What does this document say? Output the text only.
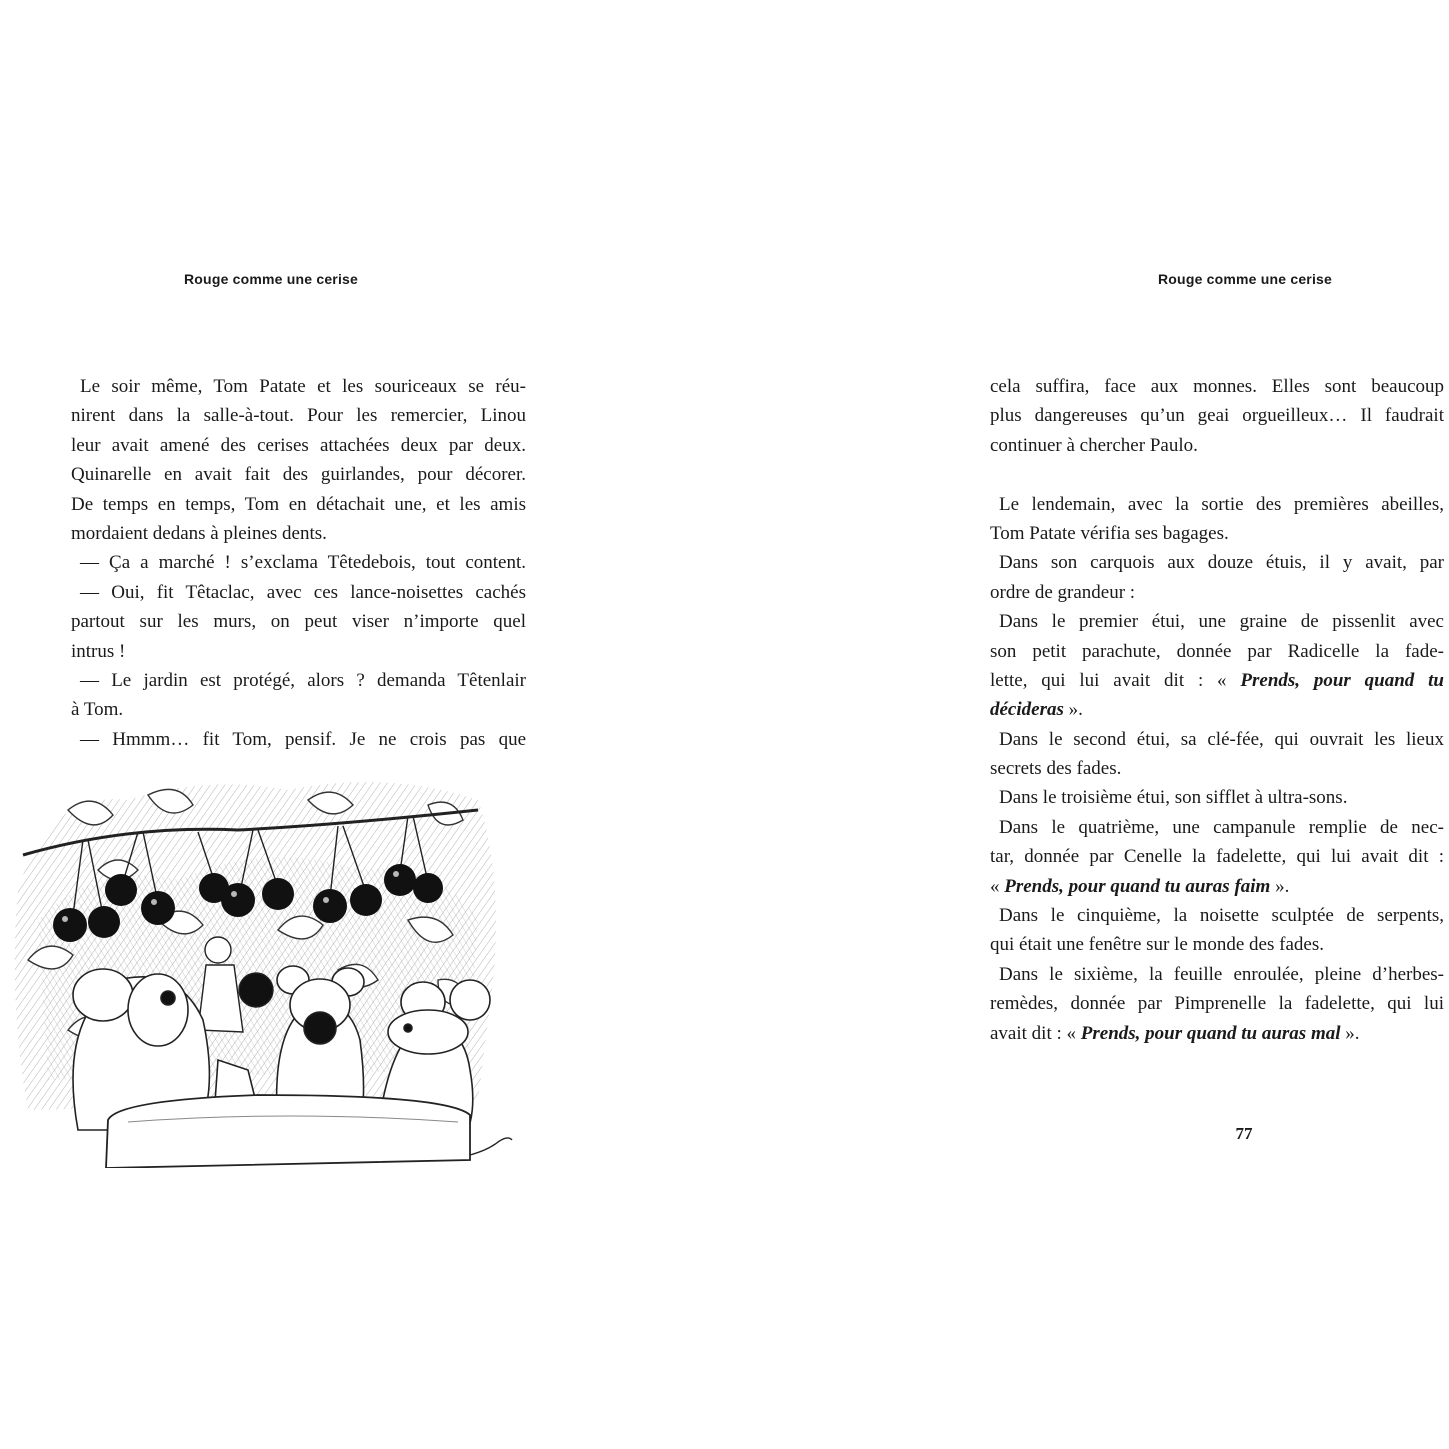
Rouge comme une cerise
Le soir même, Tom Patate et les souriceaux se réu-
nirent dans la salle-à-tout. Pour les remercier, Linou
leur avait amené des cerises attachées deux par deux.
Quinarelle en avait fait des guirlandes, pour décorer.
De temps en temps, Tom en détachait une, et les amis
mordaient dedans à pleines dents.
— Ça a marché ! s’exclama Têtedebois, tout content.
— Oui, fit Têtaclac, avec ces lance-noisettes cachés
partout sur les murs, on peut viser n’importe quel
intrus !
— Le jardin est protégé, alors ? demanda Têtenlair
à Tom.
— Hmmm… fit Tom, pensif. Je ne crois pas que
Rouge comme une cerise
cela suffira, face aux monnes. Elles sont beaucoup
plus dangereuses qu’un geai orgueilleux… Il faudrait
continuer à chercher Paulo.
Le lendemain, avec la sortie des premières abeilles,
Tom Patate vérifia ses bagages.
Dans son carquois aux douze étuis, il y avait, par
ordre de grandeur :
Dans le premier étui, une graine de pissenlit avec
son petit parachute, donnée par Radicelle la fade-
lette, qui lui avait dit : « Prends, pour quand tu
décideras ».
Dans le second étui, sa clé-fée, qui ouvrait les lieux
secrets des fades.
Dans le troisième étui, son sifflet à ultra-sons.
Dans le quatrième, une campanule remplie de nec-
tar, donnée par Cenelle la fadelette, qui lui avait dit :
« Prends, pour quand tu auras faim ».
Dans le cinquième, la noisette sculptée de serpents,
qui était une fenêtre sur le monde des fades.
Dans le sixième, la feuille enroulée, pleine d’herbes-
remèdes, donnée par Pimprenelle la fadelette, qui lui
avait dit : « Prends, pour quand tu auras mal ».
77
